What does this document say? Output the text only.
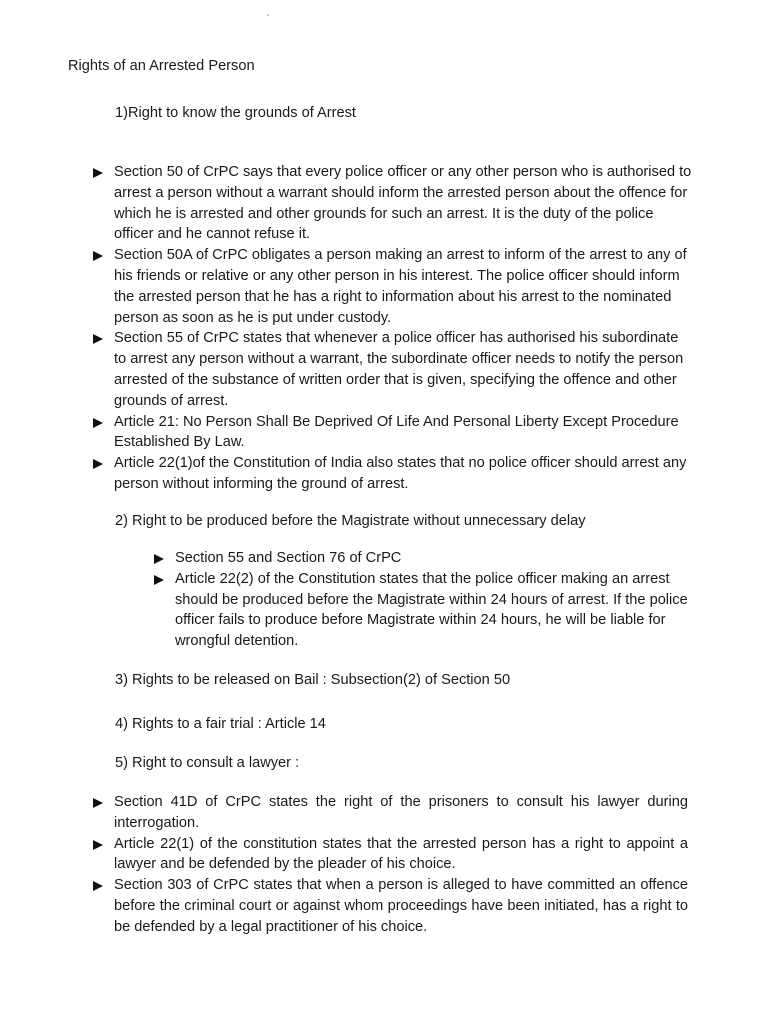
"
Rights of an Arrested Person
1)Right to know the grounds of Arrest
Section 50 of CrPC says that every police officer or any other person who is authorised to arrest a person without a warrant should inform the arrested person about the offence for which he is arrested and other grounds for such an arrest. It is the duty of the police officer and he cannot refuse it.
Section 50A of CrPC obligates a person making an arrest to inform of the arrest to any of his friends or relative or any other person in his interest. The police officer should inform the arrested person that he has a right to information about his arrest to the nominated person as soon as he is put under custody.
Section 55 of CrPC states that whenever a police officer has authorised his subordinate to arrest any person without a warrant, the subordinate officer needs to notify the person arrested of the substance of written order that is given, specifying the offence and other grounds of arrest.
Article 21: No Person Shall Be Deprived Of Life And Personal Liberty Except Procedure Established By Law.
Article 22(1)of the Constitution of India also states that no police officer should arrest any person without informing the ground of arrest.
2) Right to be produced before the Magistrate without unnecessary delay
Section 55 and Section 76 of CrPC
Article 22(2) of the Constitution states that the police officer making an arrest should be produced before the Magistrate within 24 hours of arrest. If the police officer fails to produce before Magistrate within 24 hours, he will be liable for wrongful detention.
3) Rights to be released on Bail : Subsection(2) of Section 50
4) Rights to a fair trial : Article 14
5) Right to consult a lawyer :
Section 41D of CrPC states the right of the prisoners to consult his lawyer during interrogation.
Article 22(1) of the constitution states that the arrested person has a right to appoint a lawyer and be defended by the pleader of his choice.
Section 303 of CrPC states that when a person is alleged to have committed an offence before the criminal court or against whom proceedings have been initiated, has a right to be defended by a legal practitioner of his choice.
